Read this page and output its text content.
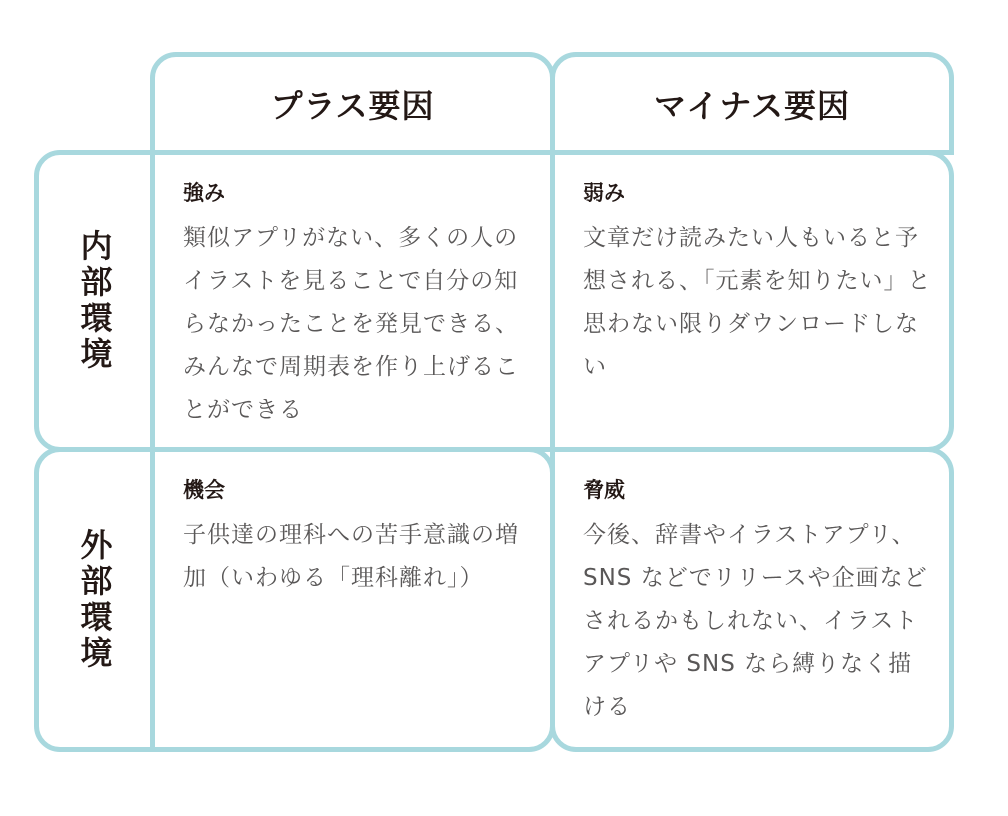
プラス要因	マイナス要因
内部環境
外部環境
強み
類似アプリがない、多くの人のイラストを見ることで自分の知らなかったことを発見できる、みんなで周期表を作り上げることができる
弱み
文章だけ読みたい人もいると予想される、「元素を知りたい」と思わない限りダウンロードしない
機会
子供達の理科への苦手意識の増加（いわゆる「理科離れ」）
脅威
今後、辞書やイラストアプリ、SNS などでリリースや企画などされるかもしれない、イラストアプリや SNS なら縛りなく描ける
